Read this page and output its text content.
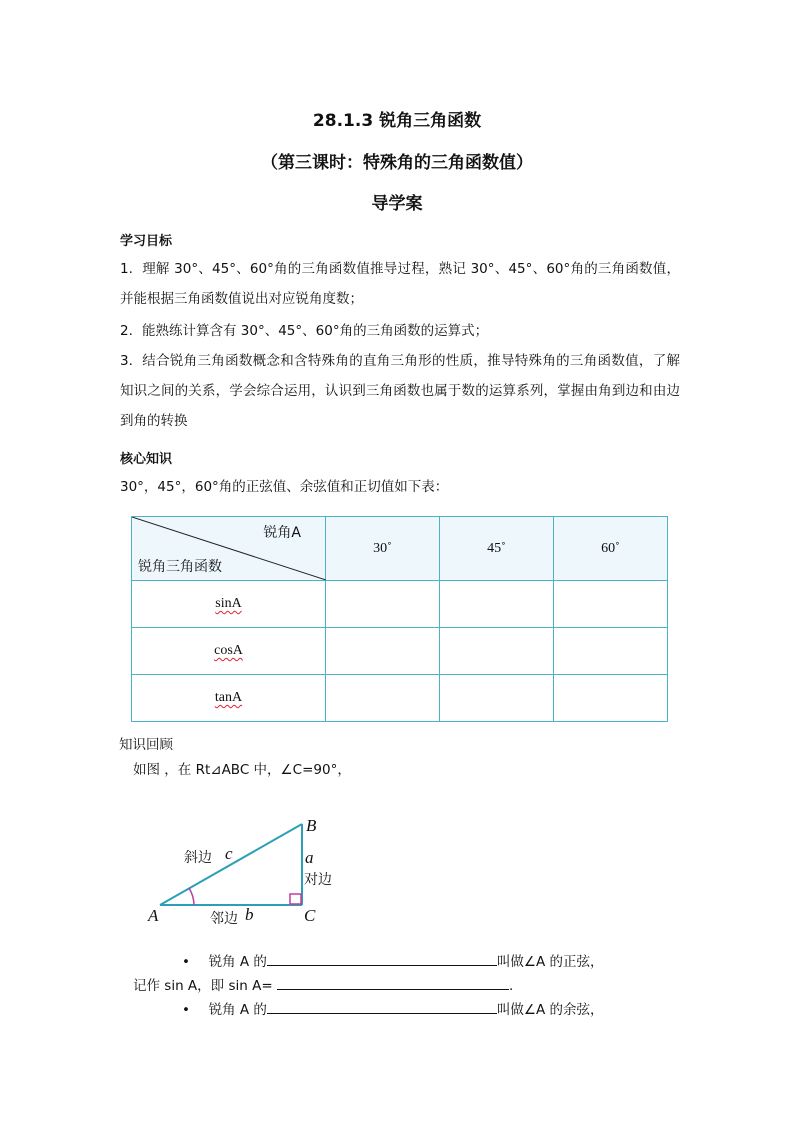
28.1.3 锐角三角函数
（第三课时：特殊角的三角函数值）
导学案
学习目标
1. 理解 30°、45°、60°角的三角函数值推导过程，熟记 30°、45°、60°角的三角函数值，并能根据三角函数值说出对应锐角度数；
2. 能熟练计算含有 30°、45°、60°角的三角函数的运算式；
3. 结合锐角三角函数概念和含特殊角的直角三角形的性质，推导特殊角的三角函数值，了解知识之间的关系，学会综合运用，认识到三角函数也属于数的运算系列，掌握由角到边和由边到角的转换
核心知识
30°，45°，60°角的正弦值、余弦值和正切值如下表：
锐角A
锐角三角函数	30˚	45˚	60˚
sinA			
cosA			
tanA			
知识回顾
如图 ，在 Rt⊿ABC 中，∠C=90°，
A
B
C
斜边 c	a
对边
邻边 b
• 锐角 A 的	叫做∠A 的正弦，
记作 sin A，即 sin A=	.
• 锐角 A 的	叫做∠A 的余弦，
